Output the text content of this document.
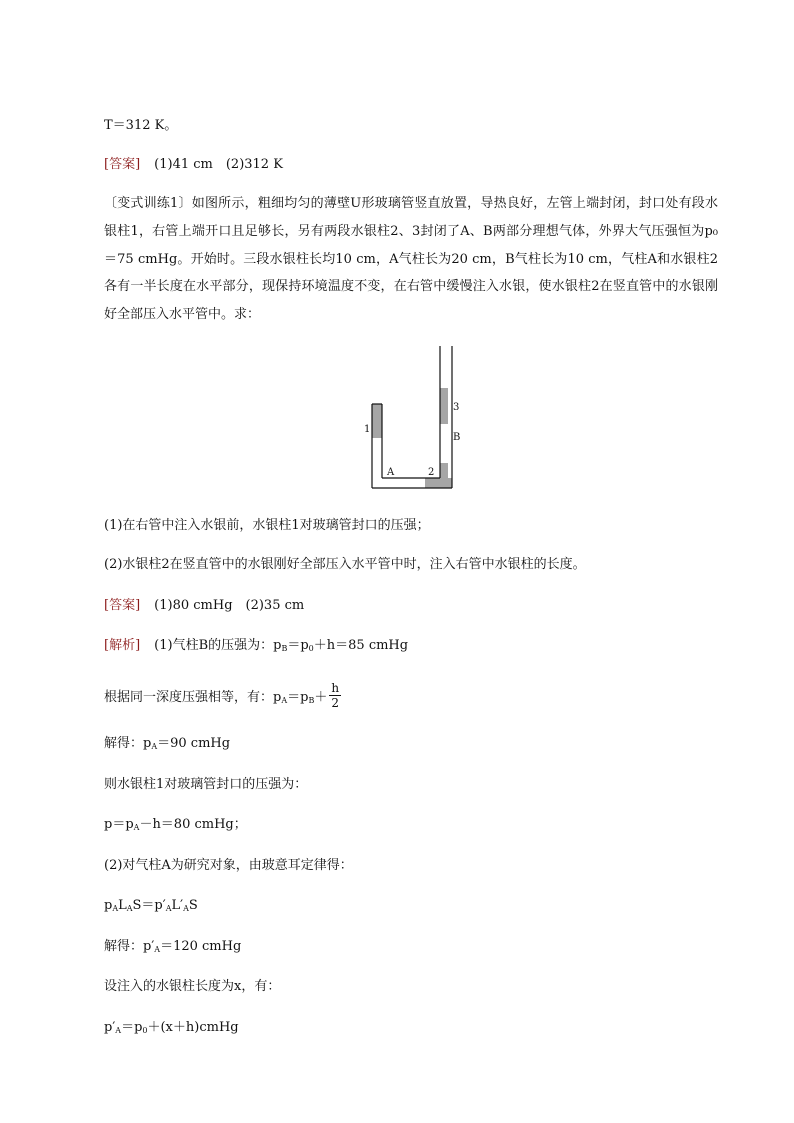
T＝312 K。
[答案] (1)41 cm　(2)312 K
〔变式训练1〕如图所示，粗细均匀的薄壁U形玻璃管竖直放置，导热良好，左管上端封闭，封口处有段水银柱1，右管上端开口且足够长，另有两段水银柱2、3封闭了A、B两部分理想气体，外界大气压强恒为p₀＝75 cmHg。开始时。三段水银柱长均10 cm，A气柱长为20 cm，B气柱长为10 cm，气柱A和水银柱2各有一半长度在水平部分，现保持环境温度不变，在右管中缓慢注入水银，使水银柱2在竖直管中的水银刚好全部压入水平管中。求：
1
A	2
3
B
(1)在右管中注入水银前，水银柱1对玻璃管封口的压强；
(2)水银柱2在竖直管中的水银刚好全部压入水平管中时，注入右管中水银柱的长度。
[答案] (1)80 cmHg　(2)35 cm
[解析] (1)气柱B的压强为：$p_B=p_0+h=85$ cmHg
根据同一深度压强相等，有：$p_A=p_B+ \frac{h}{2}$
解得：$p_A=90$ cmHg
则水银柱1对玻璃管封口的压强为：
$p=p_A-h=80$ cmHg；
(2)对气柱A为研究对象，由玻意耳定律得：
$p_AL_AS=p'_AL'_AS$
解得：$p'_A=120$ cmHg
设注入的水银柱长度为x，有：
$p'_A=p_0+(x+h)cmHg$
